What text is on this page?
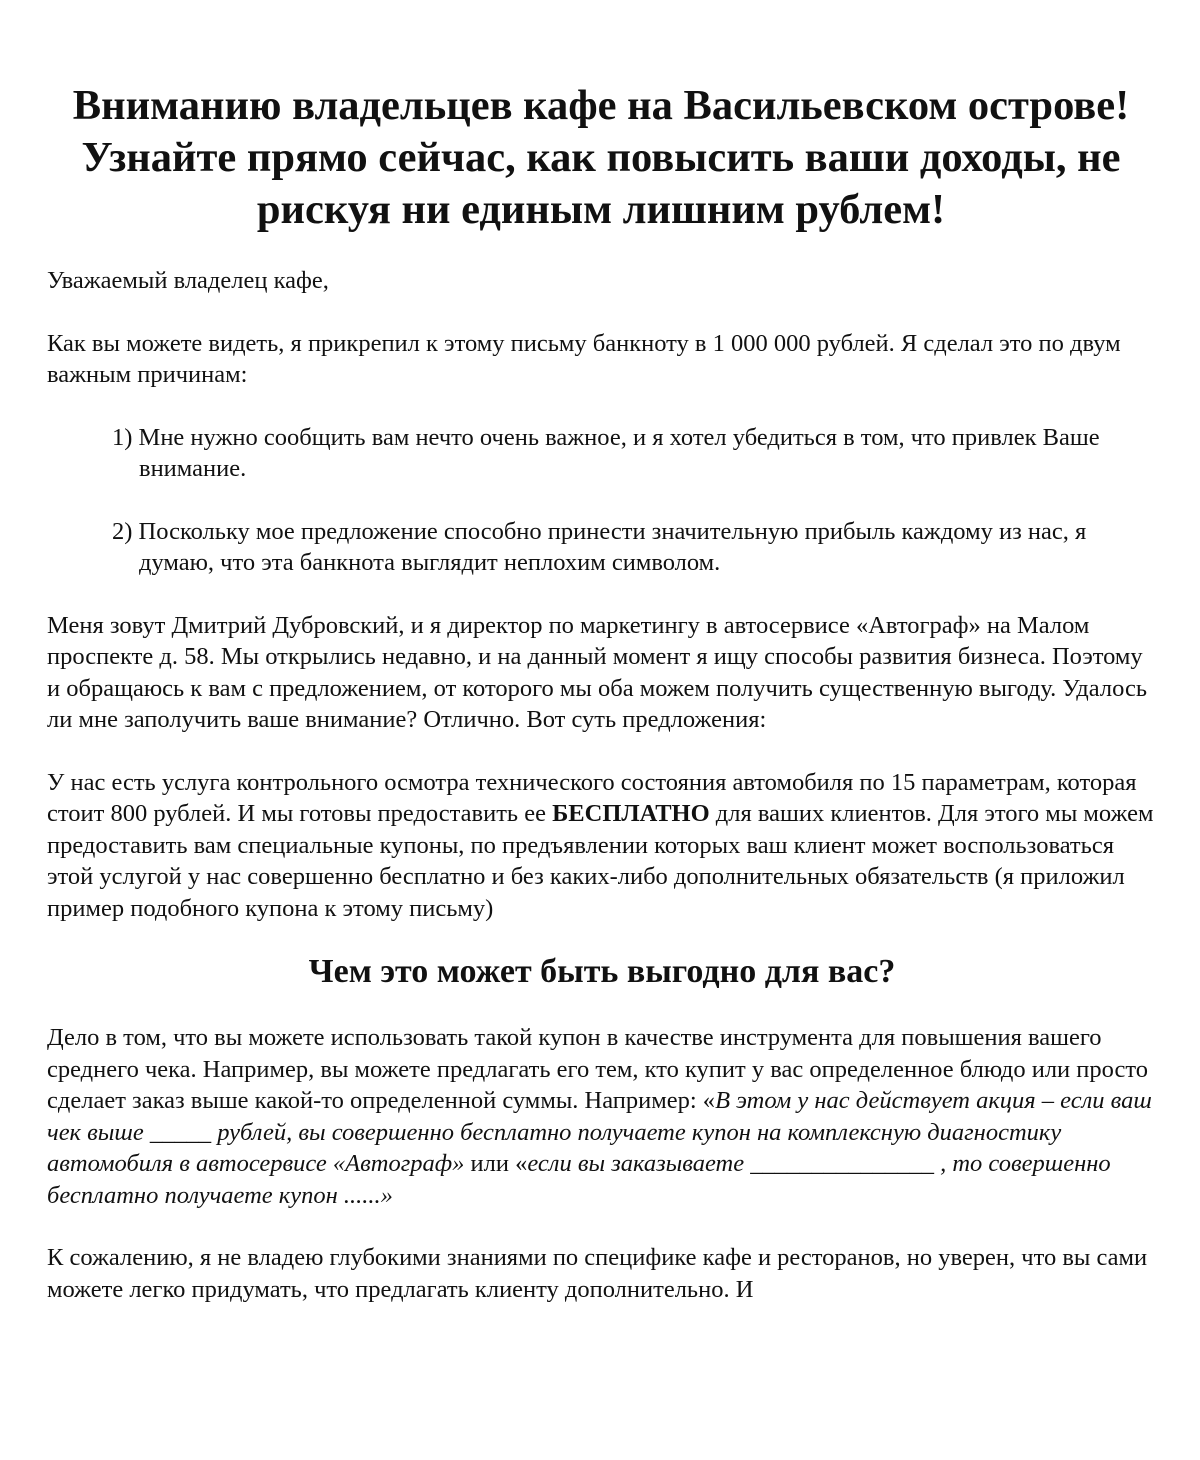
Вниманию владельцев кафе на Васильевском острове! Узнайте прямо сейчас, как повысить ваши доходы, не рискуя ни единым лишним рублем!

Уважаемый владелец кафе,

Как вы можете видеть, я прикрепил к этому письму банкноту в 1 000 000 рублей. Я сделал это по двум важным причинам:

1) Мне нужно сообщить вам нечто очень важное, и я хотел убедиться в том, что привлек Ваше внимание.
2) Поскольку мое предложение способно принести значительную прибыль каждому из нас, я думаю, что эта банкнота выглядит неплохим символом.

Меня зовут Дмитрий Дубровский, и я директор по маркетингу в автосервисе «Автограф» на Малом проспекте д. 58. Мы открылись недавно, и на данный момент я ищу способы развития бизнеса. Поэтому и обращаюсь к вам с предложением, от которого мы оба можем получить существенную выгоду. Удалось ли мне заполучить ваше внимание? Отлично. Вот суть предложения:

У нас есть услуга контрольного осмотра технического состояния автомобиля по 15 параметрам, которая стоит 800 рублей. И мы готовы предоставить ее БЕСПЛАТНО для ваших клиентов. Для этого мы можем предоставить вам специальные купоны, по предъявлении которых ваш клиент может воспользоваться этой услугой у нас совершенно бесплатно и без каких-либо дополнительных обязательств (я приложил пример подобного купона к этому письму)

Чем это может быть выгодно для вас?

Дело в том, что вы можете использовать такой купон в качестве инструмента для повышения вашего среднего чека. Например, вы можете предлагать его тем, кто купит у вас определенное блюдо или просто сделает заказ выше какой-то определенной суммы. Например: «В этом у нас действует акция – если ваш чек выше _____ рублей, вы совершенно бесплатно получаете купон на комплексную диагностику автомобиля в автосервисе «Автограф» или «если вы заказываете _______________ , то совершенно бесплатно получаете купон ......»

К сожалению, я не владею глубокими знаниями по специфике кафе и ресторанов, но уверен, что вы сами можете легко придумать, что предлагать клиенту дополнительно. И
